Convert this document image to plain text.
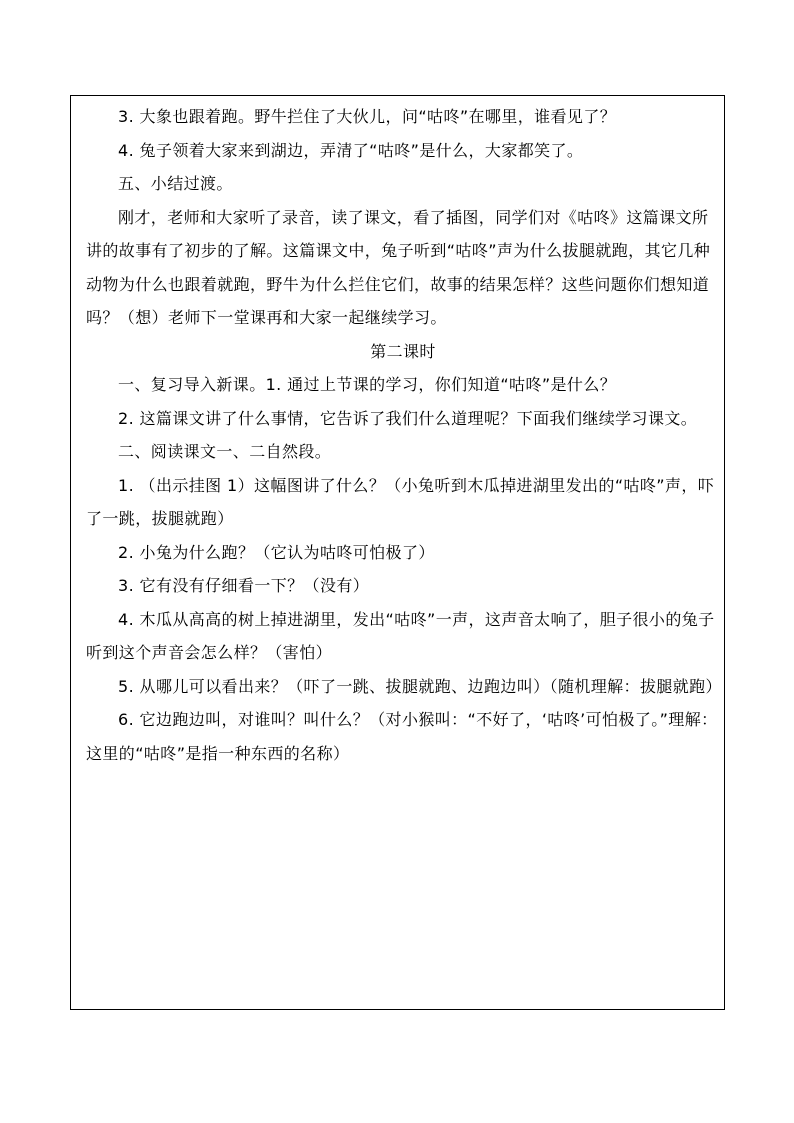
3. 大象也跟着跑。野牛拦住了大伙儿，问“咕咚”在哪里，谁看见了？

4. 兔子领着大家来到湖边，弄清了“咕咚”是什么，大家都笑了。

五、小结过渡。

刚才，老师和大家听了录音，读了课文，看了插图，同学们对《咕咚》这篇课文所讲的故事有了初步的了解。这篇课文中，兔子听到“咕咚”声为什么拔腿就跑，其它几种动物为什么也跟着就跑，野牛为什么拦住它们，故事的结果怎样？这些问题你们想知道吗？（想）老师下一堂课再和大家一起继续学习。

第二课时

一、复习导入新课。1. 通过上节课的学习，你们知道“咕咚”是什么？

2. 这篇课文讲了什么事情，它告诉了我们什么道理呢？下面我们继续学习课文。

二、阅读课文一、二自然段。

1. （出示挂图 1）这幅图讲了什么？（小兔听到木瓜掉进湖里发出的“咕咚”声，吓了一跳，拔腿就跑）

2. 小兔为什么跑？（它认为咕咚可怕极了）

3. 它有没有仔细看一下？（没有）

4. 木瓜从高高的树上掉进湖里，发出“咕咚”一声，这声音太响了，胆子很小的兔子听到这个声音会怎么样？（害怕）

5. 从哪儿可以看出来？（吓了一跳、拔腿就跑、边跑边叫）（随机理解：拔腿就跑）

6. 它边跑边叫，对谁叫？叫什么？（对小猴叫：“不好了，‘咕咚’可怕极了。”理解：这里的“咕咚”是指一种东西的名称）
